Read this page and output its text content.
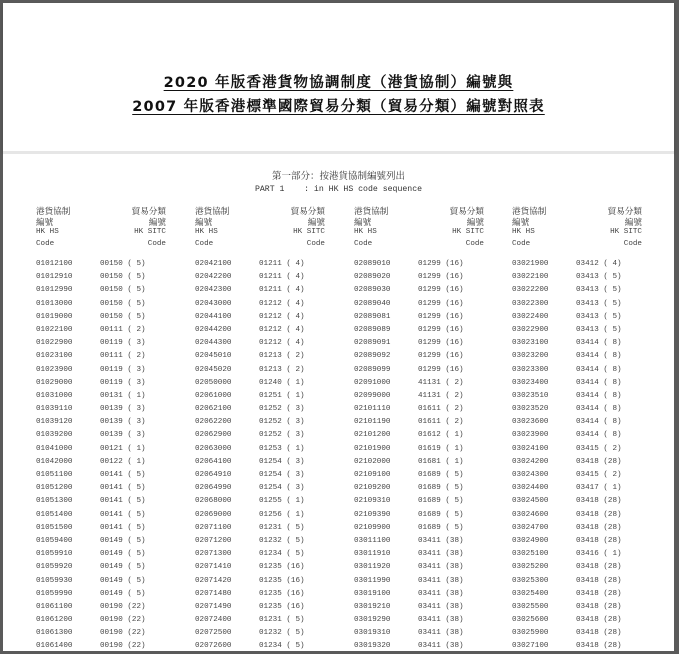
2020 年版香港貨物協調制度（港貨協制）編號與
2007 年版香港標準國際貿易分類（貿易分類）編號對照表
第一部分：按港貨協制編號列出
PART 1    : in HK HS code sequence
港貨協制
編號
HK HS
Code
貿易分類
編號
HK SITC
Code
01012100	00150 ( 5)
01012910	00150 ( 5)
01012990	00150 ( 5)
01013000	00150 ( 5)
01019000	00150 ( 5)
01022100	00111 ( 2)
01022900	00119 ( 3)
01023100	00111 ( 2)
01023900	00119 ( 3)
01029000	00119 ( 3)
01031000	00131 ( 1)
01039110	00139 ( 3)
01039120	00139 ( 3)
01039200	00139 ( 3)
01041000	00121 ( 1)
01042000	00122 ( 1)
01051100	00141 ( 5)
01051200	00141 ( 5)
01051300	00141 ( 5)
01051400	00141 ( 5)
01051500	00141 ( 5)
01059400	00149 ( 5)
01059910	00149 ( 5)
01059920	00149 ( 5)
01059930	00149 ( 5)
01059990	00149 ( 5)
01061100	00190 (22)
01061200	00190 (22)
01061300	00190 (22)
01061400	00190 (22)
港貨協制
編號
HK HS
Code
貿易分類
編號
HK SITC
Code
02042100	01211 ( 4)
02042200	01211 ( 4)
02042300	01211 ( 4)
02043000	01212 ( 4)
02044100	01212 ( 4)
02044200	01212 ( 4)
02044300	01212 ( 4)
02045010	01213 ( 2)
02045020	01213 ( 2)
02050000	01240 ( 1)
02061000	01251 ( 1)
02062100	01252 ( 3)
02062200	01252 ( 3)
02062900	01252 ( 3)
02063000	01253 ( 1)
02064100	01254 ( 3)
02064910	01254 ( 3)
02064990	01254 ( 3)
02068000	01255 ( 1)
02069000	01256 ( 1)
02071100	01231 ( 5)
02071200	01232 ( 5)
02071300	01234 ( 5)
02071410	01235 (16)
02071420	01235 (16)
02071480	01235 (16)
02071490	01235 (16)
02072400	01231 ( 5)
02072500	01232 ( 5)
02072600	01234 ( 5)
港貨協制
編號
HK HS
Code
貿易分類
編號
HK SITC
Code
02089010	01299 (16)
02089020	01299 (16)
02089030	01299 (16)
02089040	01299 (16)
02089081	01299 (16)
02089089	01299 (16)
02089091	01299 (16)
02089092	01299 (16)
02089099	01299 (16)
02091000	41131 ( 2)
02099000	41131 ( 2)
02101110	01611 ( 2)
02101190	01611 ( 2)
02101200	01612 ( 1)
02101900	01619 ( 1)
02102000	01681 ( 1)
02109100	01689 ( 5)
02109200	01689 ( 5)
02109310	01689 ( 5)
02109390	01689 ( 5)
02109900	01689 ( 5)
03011100	03411 (38)
03011910	03411 (38)
03011920	03411 (38)
03011990	03411 (38)
03019100	03411 (38)
03019210	03411 (38)
03019290	03411 (38)
03019310	03411 (38)
03019320	03411 (38)
港貨協制
編號
HK HS
Code
貿易分類
編號
HK SITC
Code
03021900	03412 ( 4)
03022100	03413 ( 5)
03022200	03413 ( 5)
03022300	03413 ( 5)
03022400	03413 ( 5)
03022900	03413 ( 5)
03023100	03414 ( 8)
03023200	03414 ( 8)
03023300	03414 ( 8)
03023400	03414 ( 8)
03023510	03414 ( 8)
03023520	03414 ( 8)
03023600	03414 ( 8)
03023900	03414 ( 8)
03024100	03415 ( 2)
03024200	03418 (28)
03024300	03415 ( 2)
03024400	03417 ( 1)
03024500	03418 (28)
03024600	03418 (28)
03024700	03418 (28)
03024900	03418 (28)
03025100	03416 ( 1)
03025200	03418 (28)
03025300	03418 (28)
03025400	03418 (28)
03025500	03418 (28)
03025600	03418 (28)
03025900	03418 (28)
03027100	03418 (28)
